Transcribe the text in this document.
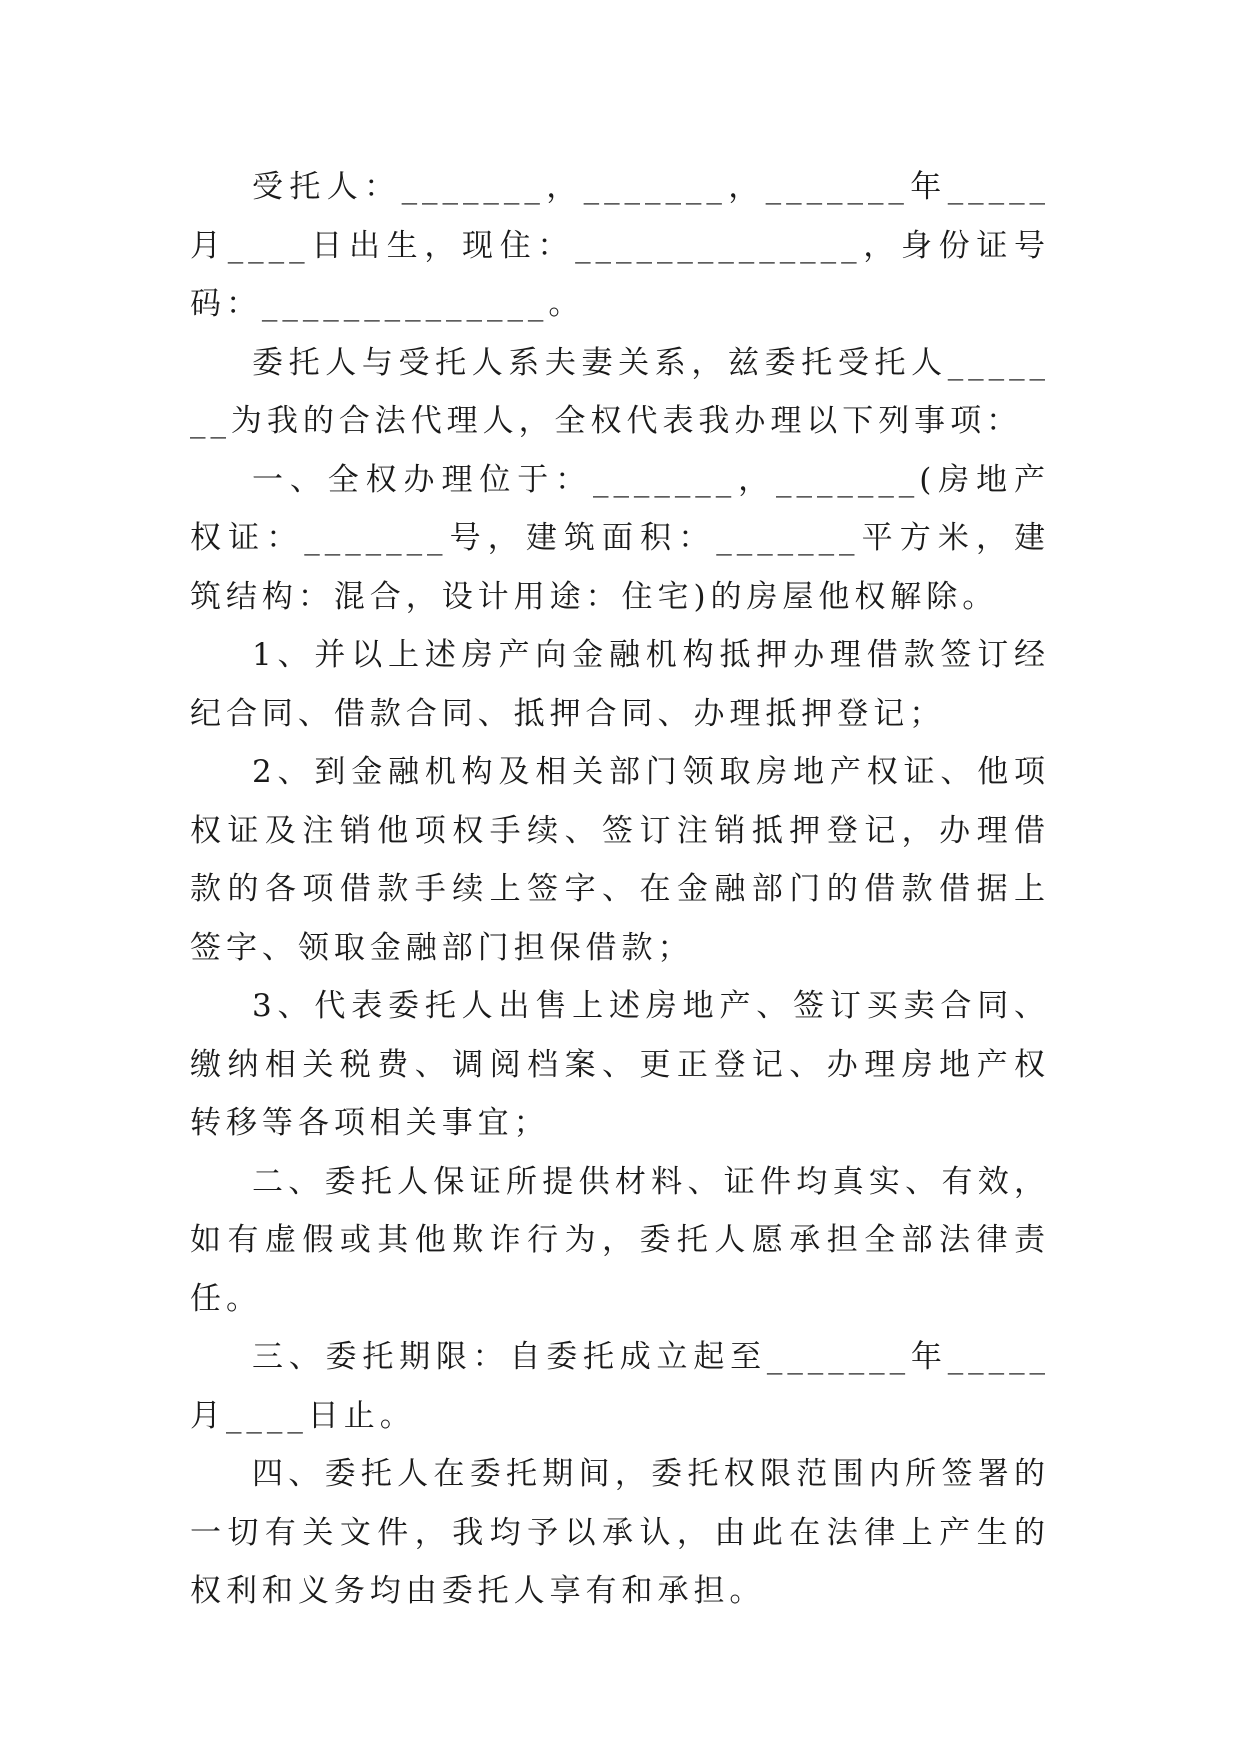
受托人：_______，_______，_______年_____月____日出生，现住：______________，身份证号码：______________。

委托人与受托人系夫妻关系，兹委托受托人_______为我的合法代理人，全权代表我办理以下列事项：

一、全权办理位于：_______，_______(房地产权证：_______号，建筑面积：_______平方米，建筑结构：混合，设计用途：住宅)的房屋他权解除。

1、并以上述房产向金融机构抵押办理借款签订经纪合同、借款合同、抵押合同、办理抵押登记；

2、到金融机构及相关部门领取房地产权证、他项权证及注销他项权手续、签订注销抵押登记，办理借款的各项借款手续上签字、在金融部门的借款借据上签字、领取金融部门担保借款；

3、代表委托人出售上述房地产、签订买卖合同、缴纳相关税费、调阅档案、更正登记、办理房地产权转移等各项相关事宜；

二、委托人保证所提供材料、证件均真实、有效，如有虚假或其他欺诈行为，委托人愿承担全部法律责任。

三、委托期限：自委托成立起至_______年_____月____日止。

四、委托人在委托期间，委托权限范围内所签署的一切有关文件，我均予以承认，由此在法律上产生的权利和义务均由委托人享有和承担。
